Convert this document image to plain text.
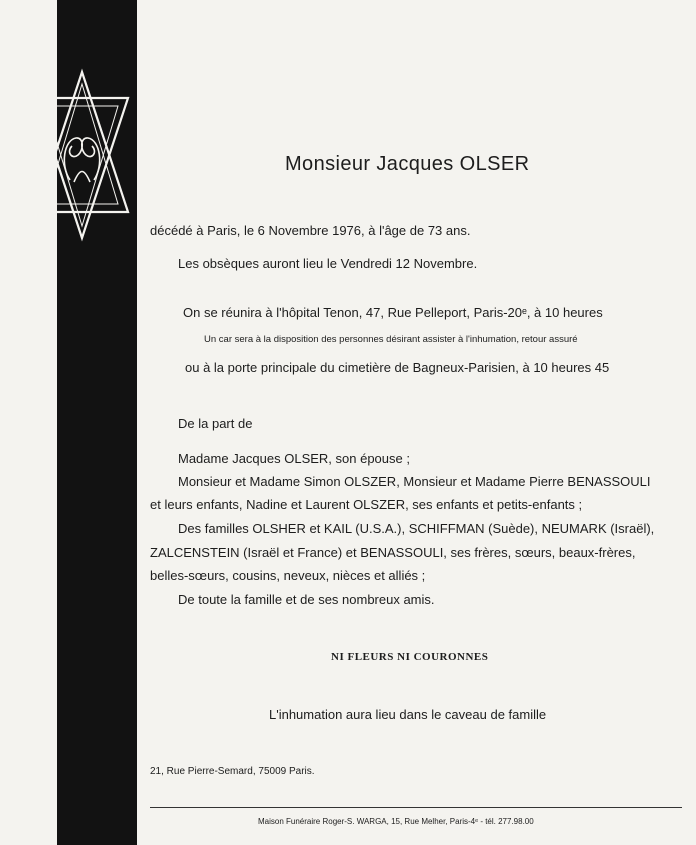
Monsieur Jacques OLSER
décédé à Paris, le 6 Novembre 1976, à l'âge de 73 ans.
Les obsèques auront lieu le Vendredi 12 Novembre.
On se réunira à l'hôpital Tenon, 47, Rue Pelleport, Paris-20ᵉ, à 10 heures
Un car sera à la disposition des personnes désirant assister à l'inhumation, retour assuré
ou à la porte principale du cimetière de Bagneux-Parisien, à 10 heures 45
De la part de
Madame Jacques OLSER, son épouse ;
Monsieur et Madame Simon OLSZER, Monsieur et Madame Pierre BENASSOULI
et leurs enfants, Nadine et Laurent OLSZER, ses enfants et petits-enfants ;
Des familles OLSHER et KAIL (U.S.A.), SCHIFFMAN (Suède), NEUMARK (Israël),
ZALCENSTEIN (Israël et France) et BENASSOULI, ses frères, sœurs, beaux-frères,
belles-sœurs, cousins, neveux, nièces et alliés ;
De toute la famille et de ses nombreux amis.
NI FLEURS NI COURONNES
L'inhumation aura lieu dans le caveau de famille
21, Rue Pierre-Semard, 75009 Paris.
Maison Funéraire Roger-S. WARGA, 15, Rue Melher, Paris-4ᵉ - tél. 277.98.00
